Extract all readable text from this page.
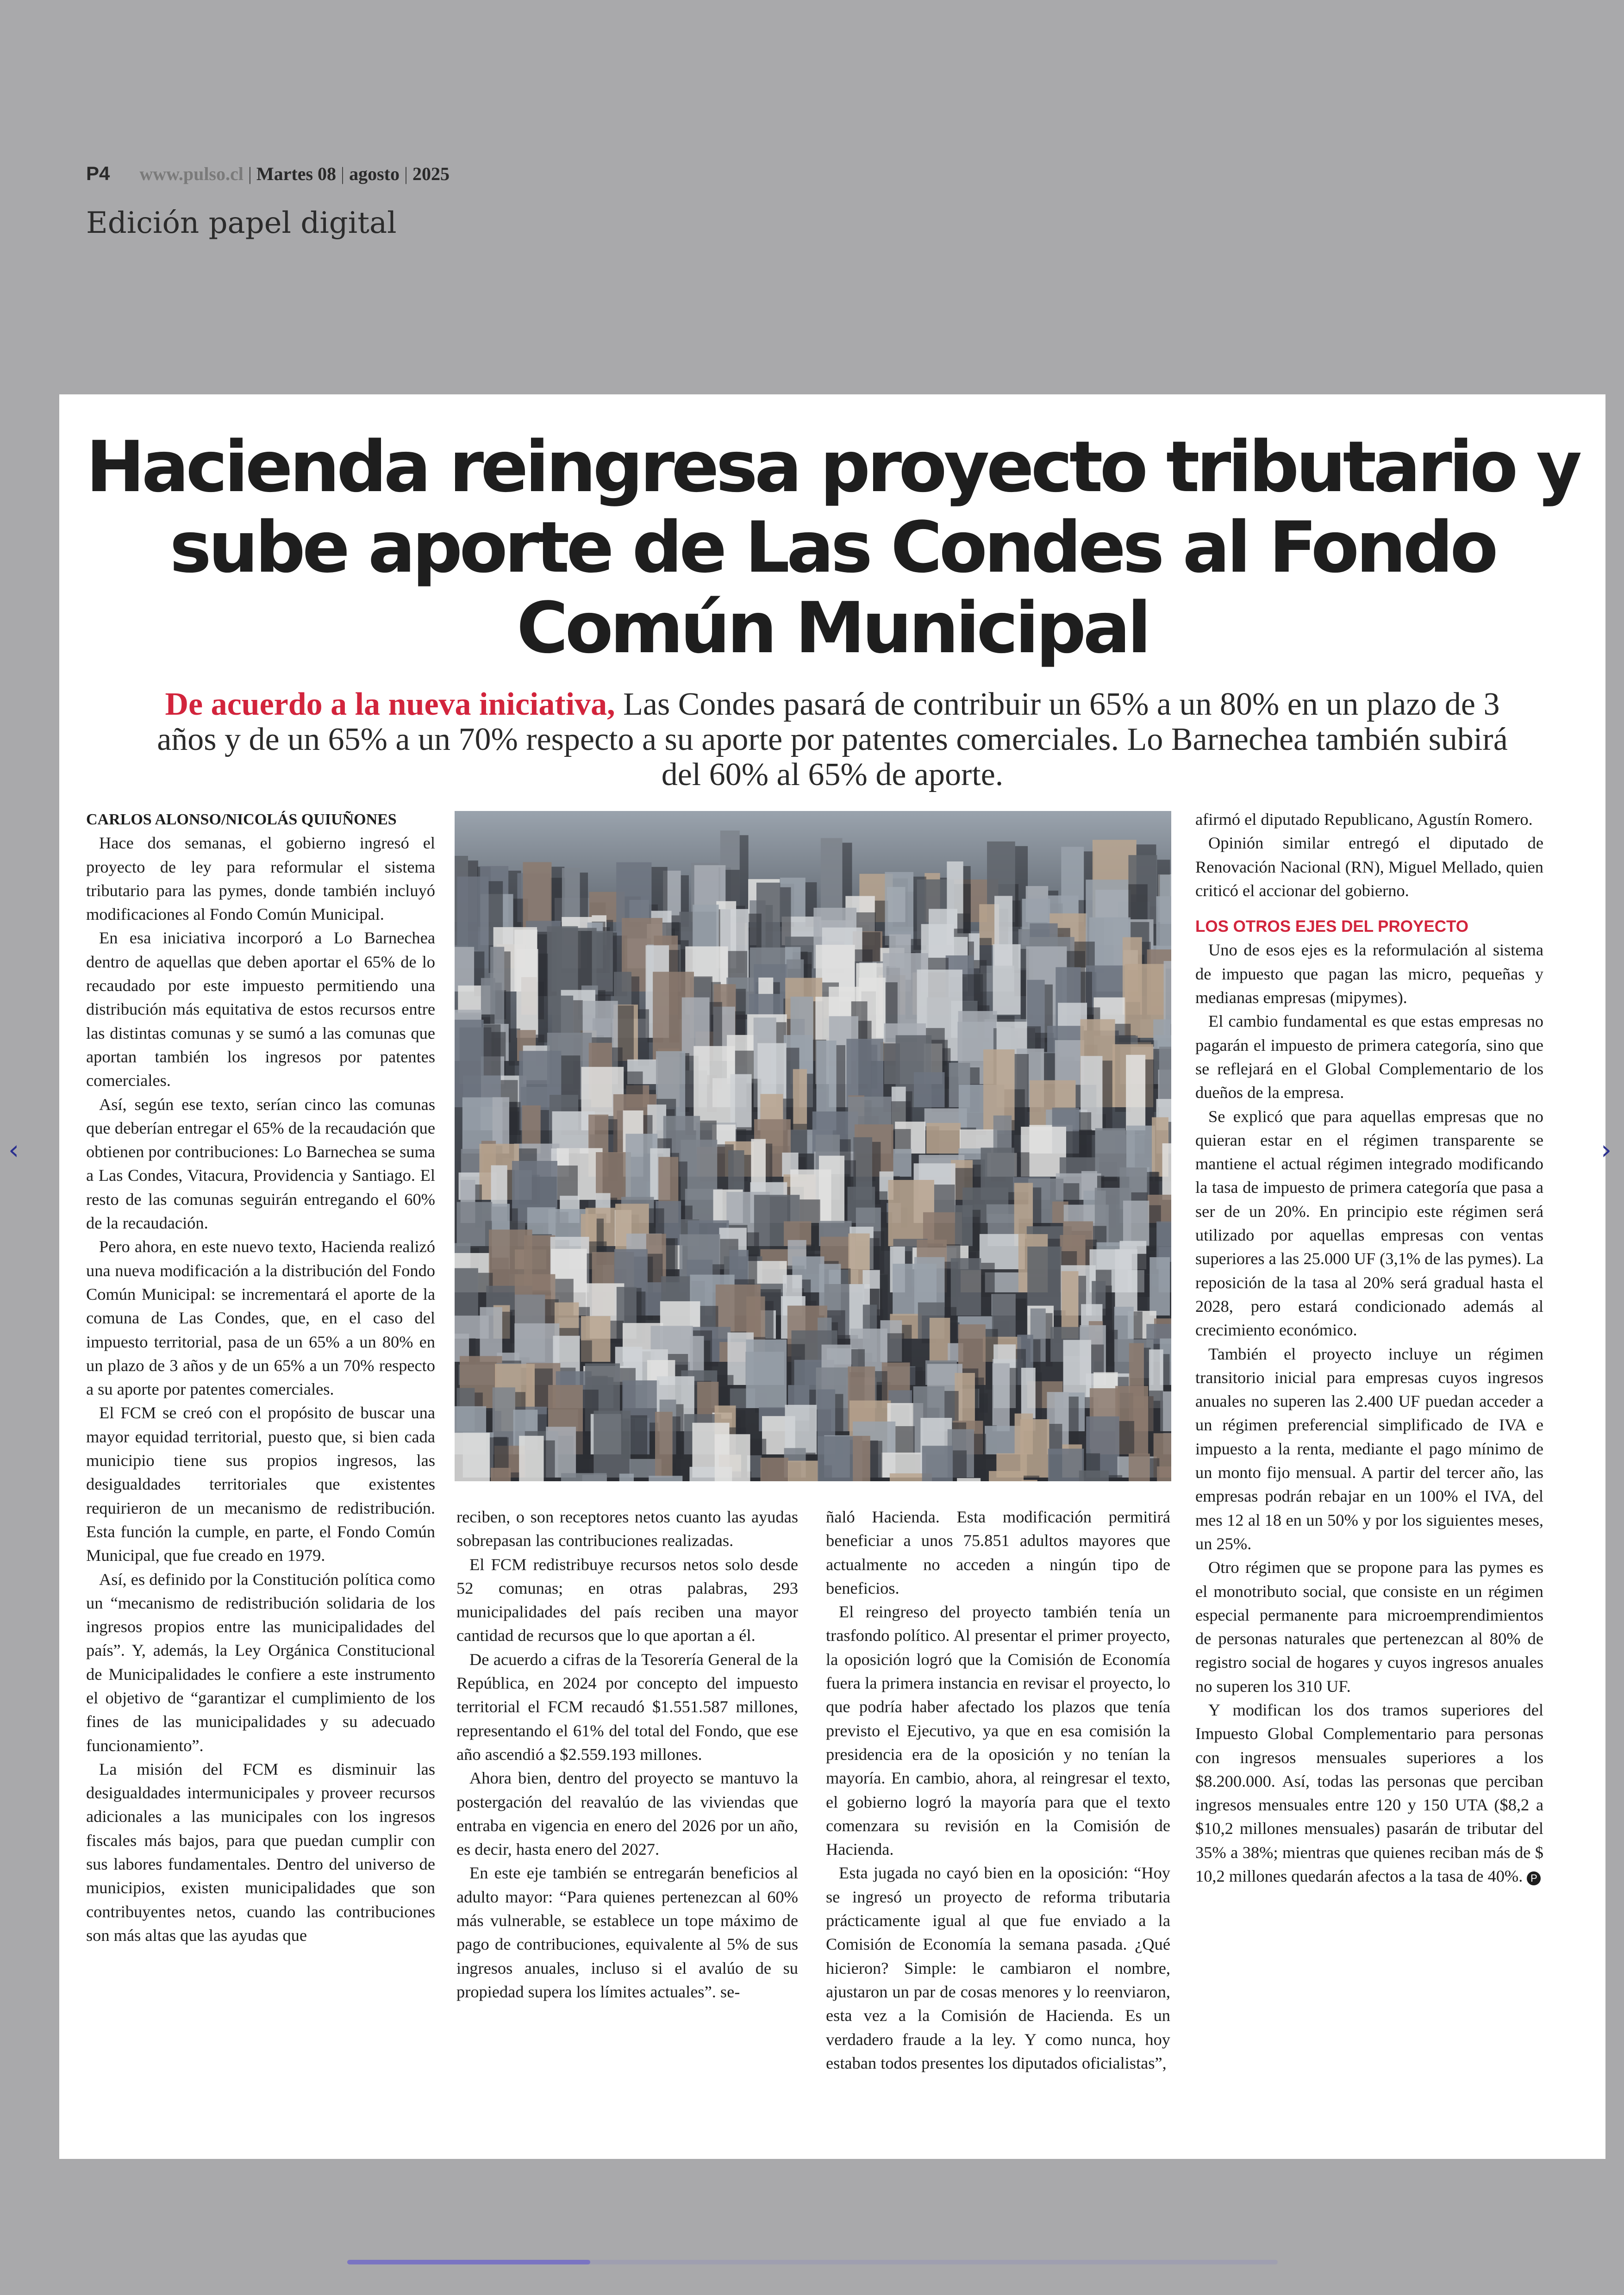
P4 www.pulso.cl | Martes 08 | agosto | 2025
Edición papel digital
Hacienda reingresa proyecto tributario y sube aporte de Las Condes al Fondo Común Municipal
De acuerdo a la nueva iniciativa, Las Condes pasará de contribuir un 65% a un 80% en un plazo de 3 años y de un 65% a un 70% respecto a su aporte por patentes comerciales. Lo Barnechea también subirá del 60% al 65% de aporte.

CARLOS ALONSO/NICOLÁS QUIUÑONES

Hace dos semanas, el gobierno ingresó el proyecto de ley para reformular el sistema tributario para las pymes, donde también incluyó modificaciones al Fondo Común Municipal.

En esa iniciativa incorporó a Lo Barnechea dentro de aquellas que deben aportar el 65% de lo recaudado por este impuesto permitiendo una distribución más equitativa de estos recursos entre las distintas comunas y se sumó a las comunas que aportan también los ingresos por patentes comerciales.

Así, según ese texto, serían cinco las comunas que deberían entregar el 65% de la recaudación que obtienen por contribuciones: Lo Barnechea se suma a Las Condes, Vitacura, Providencia y Santiago. El resto de las comunas seguirán entregando el 60% de la recaudación.

Pero ahora, en este nuevo texto, Hacienda realizó una nueva modificación a la distribución del Fondo Común Municipal: se incrementará el aporte de la comuna de Las Condes, que, en el caso del impuesto territorial, pasa de un 65% a un 80% en un plazo de 3 años y de un 65% a un 70% respecto a su aporte por patentes comerciales.

El FCM se creó con el propósito de buscar una mayor equidad territorial, puesto que, si bien cada municipio tiene sus propios ingresos, las desigualdades territoriales que existentes requirieron de un mecanismo de redistribución. Esta función la cumple, en parte, el Fondo Común Municipal, que fue creado en 1979.

Así, es definido por la Constitución política como un “mecanismo de redistribución solidaria de los ingresos propios entre las municipalidades del país”. Y, además, la Ley Orgánica Constitucional de Municipalidades le confiere a este instrumento el objetivo de “garantizar el cumplimiento de los fines de las municipalidades y su adecuado funcionamiento”.

La misión del FCM es disminuir las desigualdades intermunicipales y proveer recursos adicionales a las municipales con los ingresos fiscales más bajos, para que puedan cumplir con sus labores fundamentales. Dentro del universo de municipios, existen municipalidades que son contribuyentes netos, cuando las contribuciones son más altas que las ayudas que

reciben, o son receptores netos cuanto las ayudas sobrepasan las contribuciones realizadas.

El FCM redistribuye recursos netos solo desde 52 comunas; en otras palabras, 293 municipalidades del país reciben una mayor cantidad de recursos que lo que aportan a él.

De acuerdo a cifras de la Tesorería General de la República, en 2024 por concepto del impuesto territorial el FCM recaudó $1.551.587 millones, representando el 61% del total del Fondo, que ese año ascendió a $2.559.193 millones.

Ahora bien, dentro del proyecto se mantuvo la postergación del reavalúo de las viviendas que entraba en vigencia en enero del 2026 por un año, es decir, hasta enero del 2027.

En este eje también se entregarán beneficios al adulto mayor: “Para quienes pertenezcan al 60% más vulnerable, se establece un tope máximo de pago de contribuciones, equivalente al 5% de sus ingresos anuales, incluso si el avalúo de su propiedad supera los límites actuales”. se-

ñaló Hacienda. Esta modificación permitirá beneficiar a unos 75.851 adultos mayores que actualmente no acceden a ningún tipo de beneficios.

El reingreso del proyecto también tenía un trasfondo político. Al presentar el primer proyecto, la oposición logró que la Comisión de Economía fuera la primera instancia en revisar el proyecto, lo que podría haber afectado los plazos que tenía previsto el Ejecutivo, ya que en esa comisión la presidencia era de la oposición y no tenían la mayoría. En cambio, ahora, al reingresar el texto, el gobierno logró la mayoría para que el texto comenzara su revisión en la Comisión de Hacienda.

Esta jugada no cayó bien en la oposición: “Hoy se ingresó un proyecto de reforma tributaria prácticamente igual al que fue enviado a la Comisión de Economía la semana pasada. ¿Qué hicieron? Simple: le cambiaron el nombre, ajustaron un par de cosas menores y lo reenviaron, esta vez a la Comisión de Hacienda. Es un verdadero fraude a la ley. Y como nunca, hoy estaban todos presentes los diputados oficialistas”,

afirmó el diputado Republicano, Agustín Romero.

Opinión similar entregó el diputado de Renovación Nacional (RN), Miguel Mellado, quien criticó el accionar del gobierno.

LOS OTROS EJES DEL PROYECTO

Uno de esos ejes es la reformulación al sistema de impuesto que pagan las micro, pequeñas y medianas empresas (mipymes).

El cambio fundamental es que estas empresas no pagarán el impuesto de primera categoría, sino que se reflejará en el Global Complementario de los dueños de la empresa.

Se explicó que para aquellas empresas que no quieran estar en el régimen transparente se mantiene el actual régimen integrado modificando la tasa de impuesto de primera categoría que pasa a ser de un 20%. En principio este régimen será utilizado por aquellas empresas con ventas superiores a las 25.000 UF (3,1% de las pymes). La reposición de la tasa al 20% será gradual hasta el 2028, pero estará condicionado además al crecimiento económico.

También el proyecto incluye un régimen transitorio inicial para empresas cuyos ingresos anuales no superen las 2.400 UF puedan acceder a un régimen preferencial simplificado de IVA e impuesto a la renta, mediante el pago mínimo de un monto fijo mensual. A partir del tercer año, las empresas podrán rebajar en un 100% el IVA, del mes 12 al 18 en un 50% y por los siguientes meses, un 25%.

Otro régimen que se propone para las pymes es el monotributo social, que consiste en un régimen especial permanente para microemprendimientos de personas naturales que pertenezcan al 80% de registro social de hogares y cuyos ingresos anuales no superen los 310 UF.

Y modifican los dos tramos superiores del Impuesto Global Complementario para personas con ingresos mensuales superiores a los $8.200.000. Así, todas las personas que perciban ingresos mensuales entre 120 y 150 UTA ($8,2 a $10,2 millones mensuales) pasarán de tributar del 35% a 38%; mientras que quienes reciban más de $ 10,2 millones quedarán afectos a la tasa de 40%. P

‹	›
